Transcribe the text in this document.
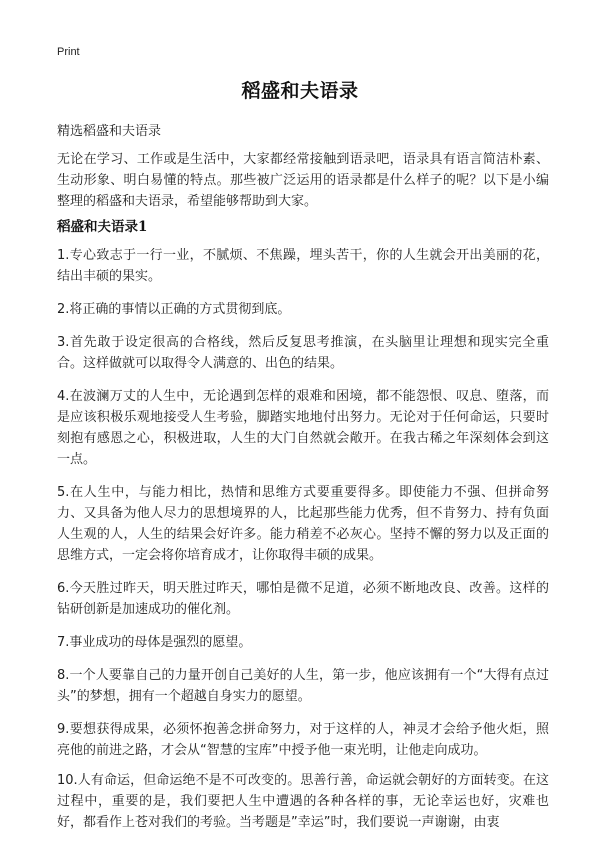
Print
稻盛和夫语录
精选稻盛和夫语录
无论在学习、工作或是生活中，大家都经常接触到语录吧，语录具有语言简洁朴素、生动形象、明白易懂的特点。那些被广泛运用的语录都是什么样子的呢？以下是小编整理的稻盛和夫语录，希望能够帮助到大家。
稻盛和夫语录1
1.专心致志于一行一业，不腻烦、不焦躁，埋头苦干，你的人生就会开出美丽的花，结出丰硕的果实。
2.将正确的事情以正确的方式贯彻到底。
3.首先敢于设定很高的合格线，然后反复思考推演，在头脑里让理想和现实完全重合。这样做就可以取得令人满意的、出色的结果。
4.在波澜万丈的人生中，无论遇到怎样的艰难和困境，都不能怨恨、叹息、堕落，而是应该积极乐观地接受人生考验，脚踏实地地付出努力。无论对于任何命运，只要时刻抱有感恩之心，积极进取，人生的大门自然就会敞开。在我古稀之年深刻体会到这一点。
5.在人生中，与能力相比，热情和思维方式要重要得多。即使能力不强、但拼命努力、又具备为他人尽力的思想境界的人，比起那些能力优秀，但不肯努力、持有负面人生观的人，人生的结果会好许多。能力稍差不必灰心。坚持不懈的努力以及正面的思维方式，一定会将你培育成才，让你取得丰硕的成果。
6.今天胜过昨天，明天胜过昨天，哪怕是微不足道，必须不断地改良、改善。这样的钻研创新是加速成功的催化剂。
7.事业成功的母体是强烈的愿望。
8.一个人要靠自己的力量开创自己美好的人生，第一步，他应该拥有一个“大得有点过头”的梦想，拥有一个超越自身实力的愿望。
9.要想获得成果，必须怀抱善念拼命努力，对于这样的人，神灵才会给予他火炬，照亮他的前进之路，才会从“智慧的宝库”中授予他一束光明，让他走向成功。
10.人有命运，但命运绝不是不可改变的。思善行善，命运就会朝好的方面转变。在这过程中，重要的是，我们要把人生中遭遇的各种各样的事，无论幸运也好，灾难也好，都看作上苍对我们的考验。当考题是”幸运”时，我们要说一声谢谢，由衷
